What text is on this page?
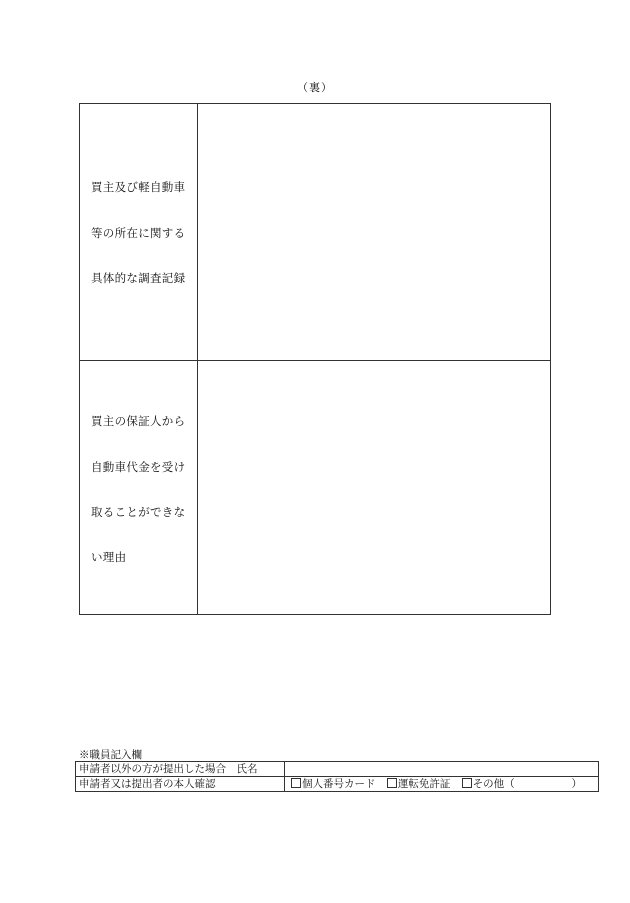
（裏）
買主及び軽自動車
等の所在に関する
具体的な調査記録
買主の保証人から
自動車代金を受け
取ることができな
い理由
※職員記入欄
申請者以外の方が提出した場合　氏名
申請者又は提出者の本人確認	個人番号カード 運転免許証 その他（	）
